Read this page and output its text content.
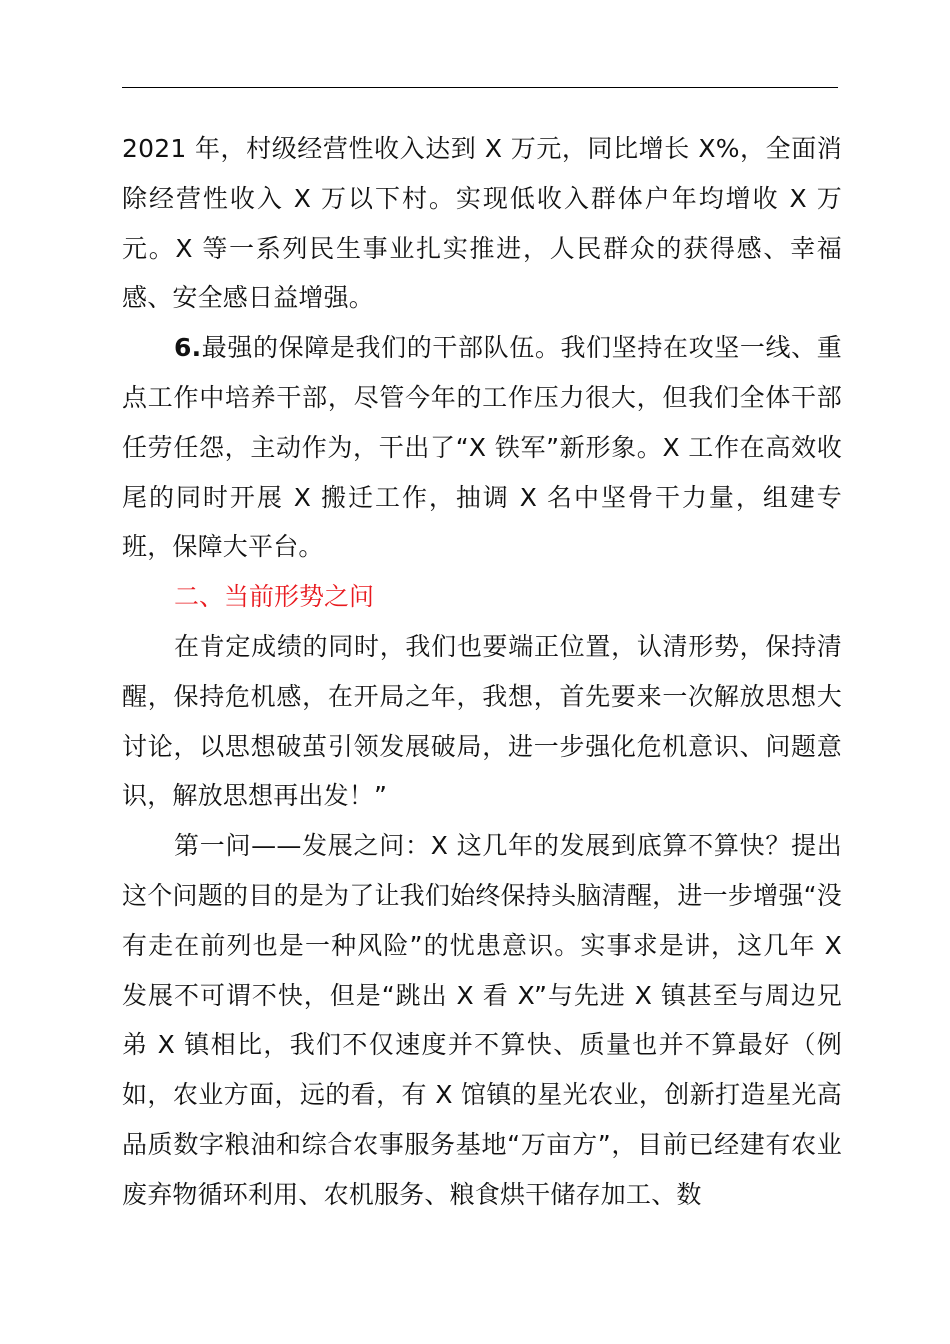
2021 年，村级经营性收入达到 X 万元，同比增长 X%，全面消除经营性收入 X 万以下村。实现低收入群体户年均增收 X 万元。X 等一系列民生事业扎实推进，人民群众的获得感、幸福感、安全感日益增强。

6.最强的保障是我们的干部队伍。我们坚持在攻坚一线、重点工作中培养干部，尽管今年的工作压力很大，但我们全体干部任劳任怨，主动作为，干出了“X 铁军”新形象。X 工作在高效收尾的同时开展 X 搬迁工作，抽调 X 名中坚骨干力量，组建专班，保障大平台。

二、当前形势之问

在肯定成绩的同时，我们也要端正位置，认清形势，保持清醒，保持危机感，在开局之年，我想，首先要来一次解放思想大讨论，以思想破茧引领发展破局，进一步强化危机意识、问题意识，解放思想再出发！”

第一问——发展之问：X 这几年的发展到底算不算快？提出这个问题的目的是为了让我们始终保持头脑清醒，进一步增强“没有走在前列也是一种风险”的忧患意识。实事求是讲，这几年 X 发展不可谓不快，但是“跳出 X 看 X”与先进 X 镇甚至与周边兄弟 X 镇相比，我们不仅速度并不算快、质量也并不算最好（例如，农业方面，远的看，有 X 馆镇的星光农业，创新打造星光高品质数字粮油和综合农事服务基地“万亩方”，目前已经建有农业废弃物循环利用、农机服务、粮食烘干储存加工、数
